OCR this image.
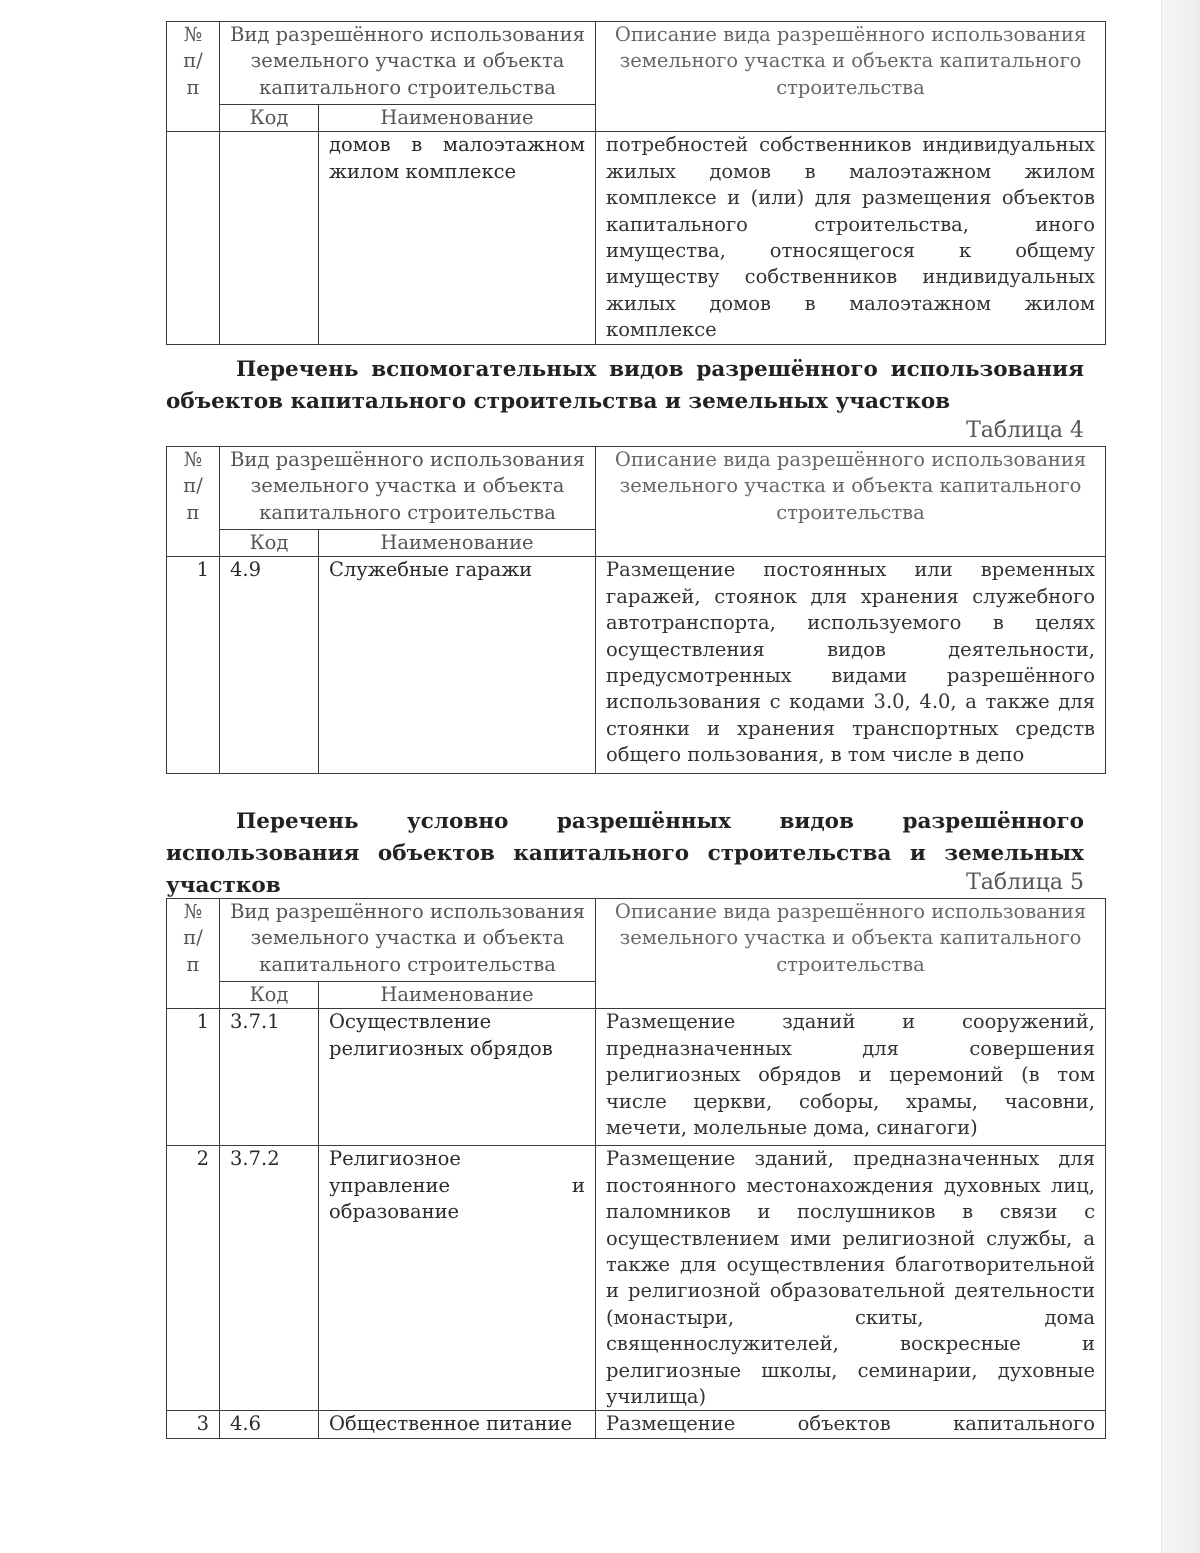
№ п/п	Вид разрешённого использования земельного участка и объекта капитального строительства		Описание вида разрешённого использования земельного участка и объекта капитального строительства
	Код	Наименование	
		домов в малоэтажном жилом комплексе	потребностей собственников индивидуальных жилых домов в малоэтажном жилом комплексе и (или) для размещения объектов капитального строительства, иного имущества, относящегося к общему имуществу собственников индивидуальных жилых домов в малоэтажном жилом комплексе
Перечень вспомогательных видов разрешённого использования объектов капитального строительства и земельных участков
Таблица 4
№ п/п	Вид разрешённого использования земельного участка и объекта капитального строительства		Описание вида разрешённого использования земельного участка и объекта капитального строительства
	Код	Наименование	
1	4.9	Служебные гаражи	Размещение постоянных или временных гаражей, стоянок для хранения служебного автотранспорта, используемого в целях осуществления видов деятельности, предусмотренных видами разрешённого использования с кодами 3.0, 4.0, а также для стоянки и хранения транспортных средств общего пользования, в том числе в депо
Перечень условно разрешённых видов разрешённого использования объектов капитального строительства и земельных участков	Таблица 5
№ п/п	Вид разрешённого использования земельного участка и объекта капитального строительства		Описание вида разрешённого использования земельного участка и объекта капитального строительства
	Код	Наименование	
1	3.7.1	Осуществление религиозных обрядов	Размещение зданий и сооружений, предназначенных для совершения религиозных обрядов и церемоний (в том числе церкви, соборы, храмы, часовни, мечети, молельные дома, синагоги)
2	3.7.2	Религиозное управление и образование	Размещение зданий, предназначенных для постоянного местонахождения духовных лиц, паломников и послушников в связи с осуществлением ими религиозной службы, а также для осуществления благотворительной и религиозной образовательной деятельности (монастыри, скиты, дома священнослужителей, воскресные и религиозные школы, семинарии, духовные училища)
3	4.6	Общественное питание	Размещение объектов капитального
